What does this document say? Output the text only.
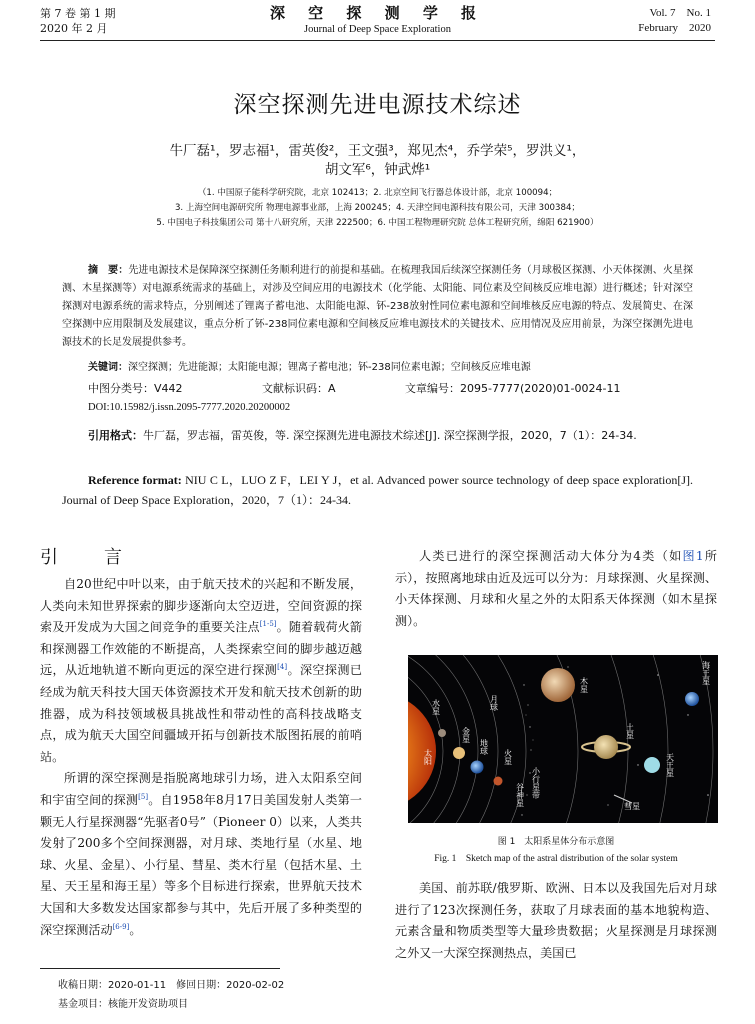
第 7 卷 第 1 期
2020 年 2 月
深 空 探 测 学 报
Journal of Deep Space Exploration
Vol. 7    No. 1
February    2020
深空探测先进电源技术综述
牛厂磊¹，罗志福¹，雷英俊²，王文强³，郑见杰⁴，乔学荣⁵，罗洪义¹，
胡文军⁶，钟武烨¹
（1. 中国原子能科学研究院，北京 102413；2. 北京空间飞行器总体设计部，北京 100094；
3. 上海空间电源研究所 物理电源事业部，上海 200245；4. 天津空间电源科技有限公司，天津 300384；
5. 中国电子科技集团公司 第十八研究所，天津 222500；6. 中国工程物理研究院 总体工程研究所，绵阳 621900）
摘　要：先进电源技术是保障深空探测任务顺利进行的前提和基础。在梳理我国后续深空探测任务（月球极区探测、小天体探测、火星探测、木星探测等）对电源系统需求的基础上，对涉及空间应用的电源技术（化学能、太阳能、同位素及空间核反应堆电源）进行概述；针对深空探测对电源系统的需求特点，分别阐述了锂离子蓄电池、太阳能电源、钚-238放射性同位素电源和空间堆核反应电源的特点、发展简史、在深空探测中应用限制及发展建议，重点分析了钚-238同位素电源和空间核反应堆电源技术的关键技术、应用情况及应用前景，为深空探测先进电源技术的长足发展提供参考。
关键词：深空探测；先进能源；太阳能电源；锂离子蓄电池；钚-238同位素电源；空间核反应堆电源
中图分类号：V442	文献标识码：A	文章编号：2095-7777(2020)01-0024-11
DOI:10.15982/j.issn.2095-7777.2020.20200002
引用格式：牛厂磊，罗志福，雷英俊，等. 深空探测先进电源技术综述[J]. 深空探测学报，2020，7（1）：24-34.
Reference format: NIU C L，LUO Z F，LEI Y J，et al. Advanced power source technology of deep space exploration[J]. Journal of Deep Space Exploration，2020，7（1）：24-34.
引　言

自20世纪中叶以来，由于航天技术的兴起和不断发展，人类向未知世界探索的脚步逐渐向太空迈进，空间资源的探索及开发成为大国之间竞争的重要关注点[1-5]。随着载荷火箭和探测器工作效能的不断提高，人类探索空间的脚步越迈越远，从近地轨道不断向更远的深空进行探测[4]。深空探测已经成为航天科技大国天体资源技术开发和航天技术创新的助推器，成为科技领域极具挑战性和带动性的高科技战略支点，成为航天大国空间疆域开拓与创新技术版图拓展的前哨站。

所谓的深空探测是指脱离地球引力场，进入太阳系空间和宇宙空间的探测[5]。自1958年8月17日美国发射人类第一颗无人行星探测器“先驱者0号”（Pioneer 0）以来，人类共发射了200多个空间探测器，对月球、类地行星（水星、地球、火星、金星）、小行星、彗星、类木行星（包括木星、土星、天王星和海王星）等多个目标进行探索，世界航天技术大国和大多数发达国家都参与其中，先后开展了多种类型的深空探测活动[6-9]。

人类已进行的深空探测活动大体分为4类（如图1所示），按照离地球由近及远可以分为：月球探测、火星探测、小天体探测、月球和火星之外的太阳系天体探测（如木星探测）。

太阳
水星
金星
地球
月球
火星
小行星带
谷神星
木星
土星
天王星
海王星
彗星
图 1　太阳系星体分布示意图
Fig. 1　Sketch map of the astral distribution of the solar system

美国、前苏联/俄罗斯、欧洲、日本以及我国先后对月球进行了123次探测任务，获取了月球表面的基本地貌构造、元素含量和物质类型等大量珍贵数据；火星探测是月球探测之外又一大深空探测热点，美国已

收稿日期：2020-01-11　修回日期：2020-02-02
基金项目：核能开发资助项目
